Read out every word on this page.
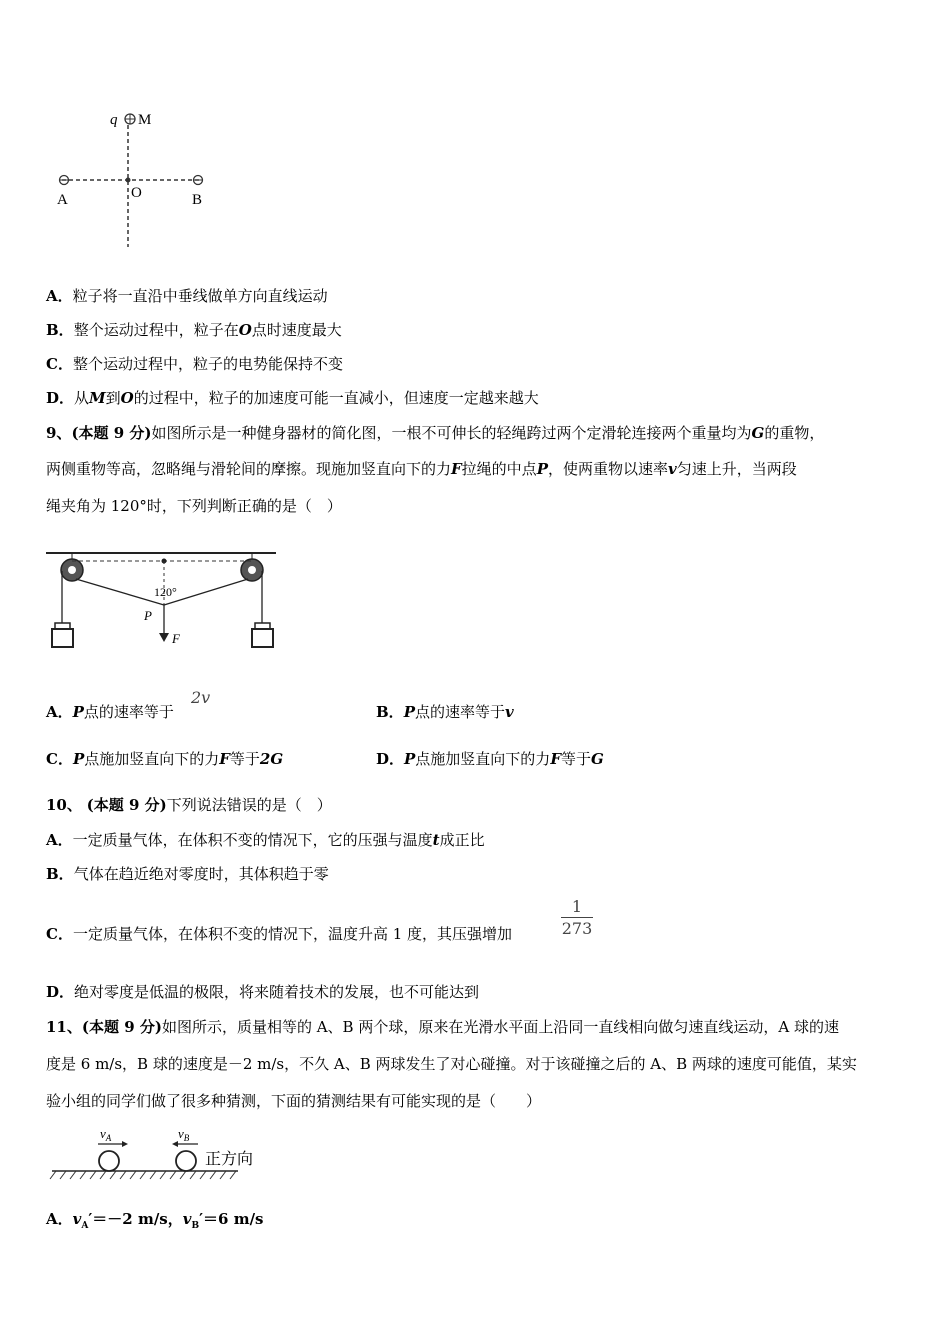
q M
O
A	B
A．粒子将一直沿中垂线做单方向直线运动
B．整个运动过程中，粒子在O点时速度最大
C．整个运动过程中，粒子的电势能保持不变
D．从M到O的过程中，粒子的加速度可能一直减小，但速度一定越来越大
9、(本题 9 分)如图所示是一种健身器材的简化图，一根不可伸长的轻绳跨过两个定滑轮连接两个重量均为G的重物，
两侧重物等高，忽略绳与滑轮间的摩擦。现施加竖直向下的力F拉绳的中点P，使两重物以速率v匀速上升，当两段
绳夹角为 120°时，下列判断正确的是（　）
120°
P
F
A．P点的速率等于
2v
B．P点的速率等于v
C．P点施加竖直向下的力F等于2G	D．P点施加竖直向下的力F等于G
10、 (本题 9 分)下列说法错误的是（　）
A．一定质量气体，在体积不变的情况下，它的压强与温度t成正比
B．气体在趋近绝对零度时，其体积趋于零
C．一定质量气体，在体积不变的情况下，温度升高 1 度，其压强增加	$\frac{1}{273}$
D．绝对零度是低温的极限，将来随着技术的发展，也不可能达到
11、(本题 9 分)如图所示，质量相等的 A、B 两个球，原来在光滑水平面上沿同一直线相向做匀速直线运动，A 球的速
度是 6 m/s，B 球的速度是－2 m/s，不久 A、B 两球发生了对心碰撞。对于该碰撞之后的 A、B 两球的速度可能值，某实
验小组的同学们做了很多种猜测，下面的猜测结果有可能实现的是（　　）
$v_A$	$v_B$
正方向
A．$v_A'=-2$ m/s，$v_B'=6$ m/s
